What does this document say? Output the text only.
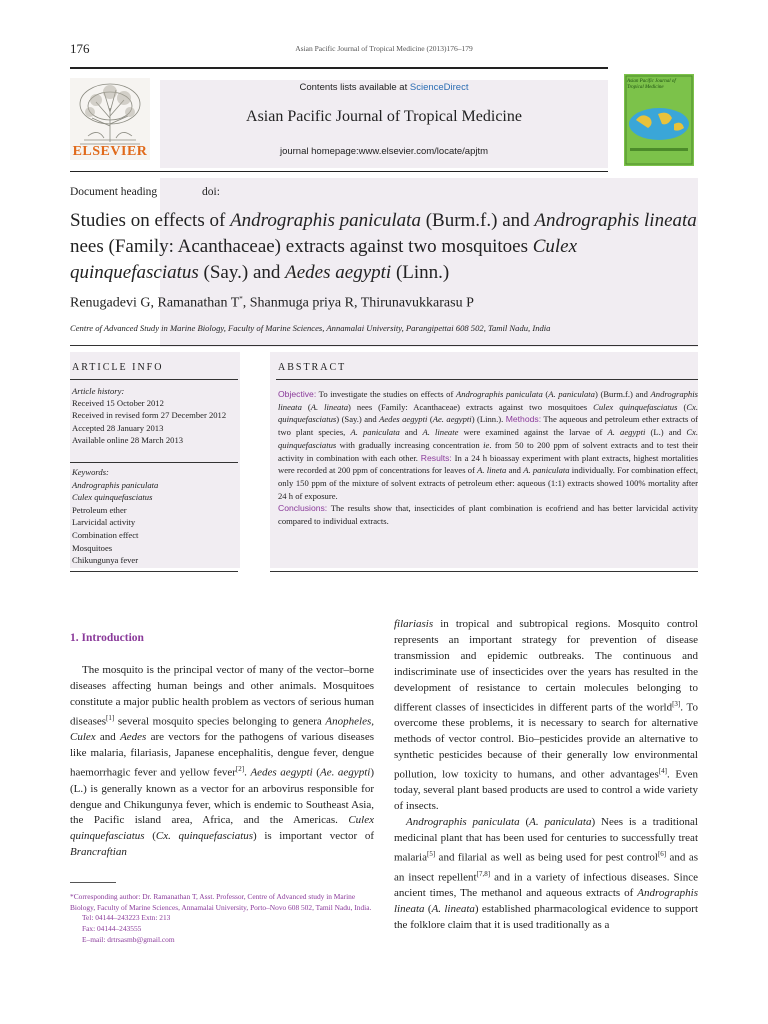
176	Asian Pacific Journal of Tropical Medicine (2013)176–179
ELSEVIER
Contents lists available at ScienceDirect
Asian Pacific Journal of Tropical Medicine
journal homepage:www.elsevier.com/locate/apjtm
Asian Pacific Journal of Tropical Medicine
Document heading	doi:
Studies on effects of Andrographis paniculata (Burm.f.) and Andrographis lineata nees (Family: Acanthaceae) extracts against two mosquitoes Culex quinquefasciatus (Say.) and Aedes aegypti (Linn.)
Renugadevi G, Ramanathan T*, Shanmuga priya R, Thirunavukkarasu P
Centre of Advanced Study in Marine Biology, Faculty of Marine Sciences, Annamalai University, Parangipettai 608 502, Tamil Nadu, India
ARTICLE INFO
Article history:
Received 15 October 2012
Received in revised form 27 December 2012
Accepted 28 January 2013
Available online 28 March 2013
Keywords:
Andrographis paniculata
Culex quinquefasciatus
Petroleum ether
Larvicidal activity
Combination effect
Mosquitoes
Chikungunya fever
ABSTRACT
Objective: To investigate the studies on effects of Andrographis paniculata (A. paniculata) (Burm.f.) and Andrographis lineata (A. lineata) nees (Family: Acanthaceae) extracts against two mosquitoes Culex quinquefasciatus (Cx. quinquefasciatus) (Say.) and Aedes aegypti (Ae. aegypti) (Linn.). Methods: The aqueous and petroleum ether extracts of two plant species, A. paniculata and A. lineate were examined against the larvae of A. aegypti (L.) and Cx. quinquefasciatus with gradually increasing concentration ie. from 50 to 200 ppm of solvent extracts and to test their activity in combination with each other. Results: In a 24 h bioassay experiment with plant extracts, highest mortalities were recorded at 200 ppm of concentrations for leaves of A. lineta and A. paniculata individually. For combination effect, only 150 ppm of the mixture of solvent extracts of petroleum ether: aqueous (1:1) extracts showed 100% mortality after 24 h of exposure.
Conclusions: The results show that, insecticides of plant combination is ecofriend and has better larvicidal activity compared to individual extracts.
1. Introduction

The mosquito is the principal vector of many of the vector–borne diseases affecting human beings and other animals. Mosquitoes constitute a major public health problem as vectors of serious human diseases[1] several mosquito species belonging to genera Anopheles, Culex and Aedes are vectors for the pathogens of various diseases like malaria, filariasis, Japanese encephalitis, dengue fever, dengue haemorrhagic fever and yellow fever[2]. Aedes aegypti (Ae. aegypti) (L.) is generally known as a vector for an arbovirus responsible for dengue and Chikungunya fever, which is endemic to Southeast Asia, the Pacific island area, Africa, and the Americas. Culex quinquefasciatus (Cx. quinquefasciatus) is important vector of Brancraftian

*Corresponding author: Dr. Ramanathan T, Asst. Professor, Centre of Advanced study in Marine Biology, Faculty of Marine Sciences, Annamalai University, Porto–Novo 608 502, Tamil Nadu, India.
Tel: 04144–243223 Extn: 213
Fax: 04144–243555
E–mail: drtrsasmb@gmail.com

filariasis in tropical and subtropical regions. Mosquito control represents an important strategy for prevention of disease transmission and epidemic outbreaks. The continuous and indiscriminate use of insecticides over the years has resulted in the development of resistance to certain molecules belonging to different classes of insecticides in different parts of the world[3]. To overcome these problems, it is necessary to search for alternative methods of vector control. Bio–pesticides provide an alternative to synthetic pesticides because of their generally low environmental pollution, low toxicity to humans, and other advantages[4]. Even today, several plant based products are used to control a wide variety of insects.

Andrographis paniculata (A. paniculata) Nees is a traditional medicinal plant that has been used for centuries to successfully treat malaria[5] and filarial as well as being used for pest control[6] and as an insect repellent[7,8] and in a variety of infectious diseases. Since ancient times, The methanol and aqueous extracts of Andrographis lineata (A. lineata) established pharmacological evidence to support the folklore claim that it is used traditionally as a
